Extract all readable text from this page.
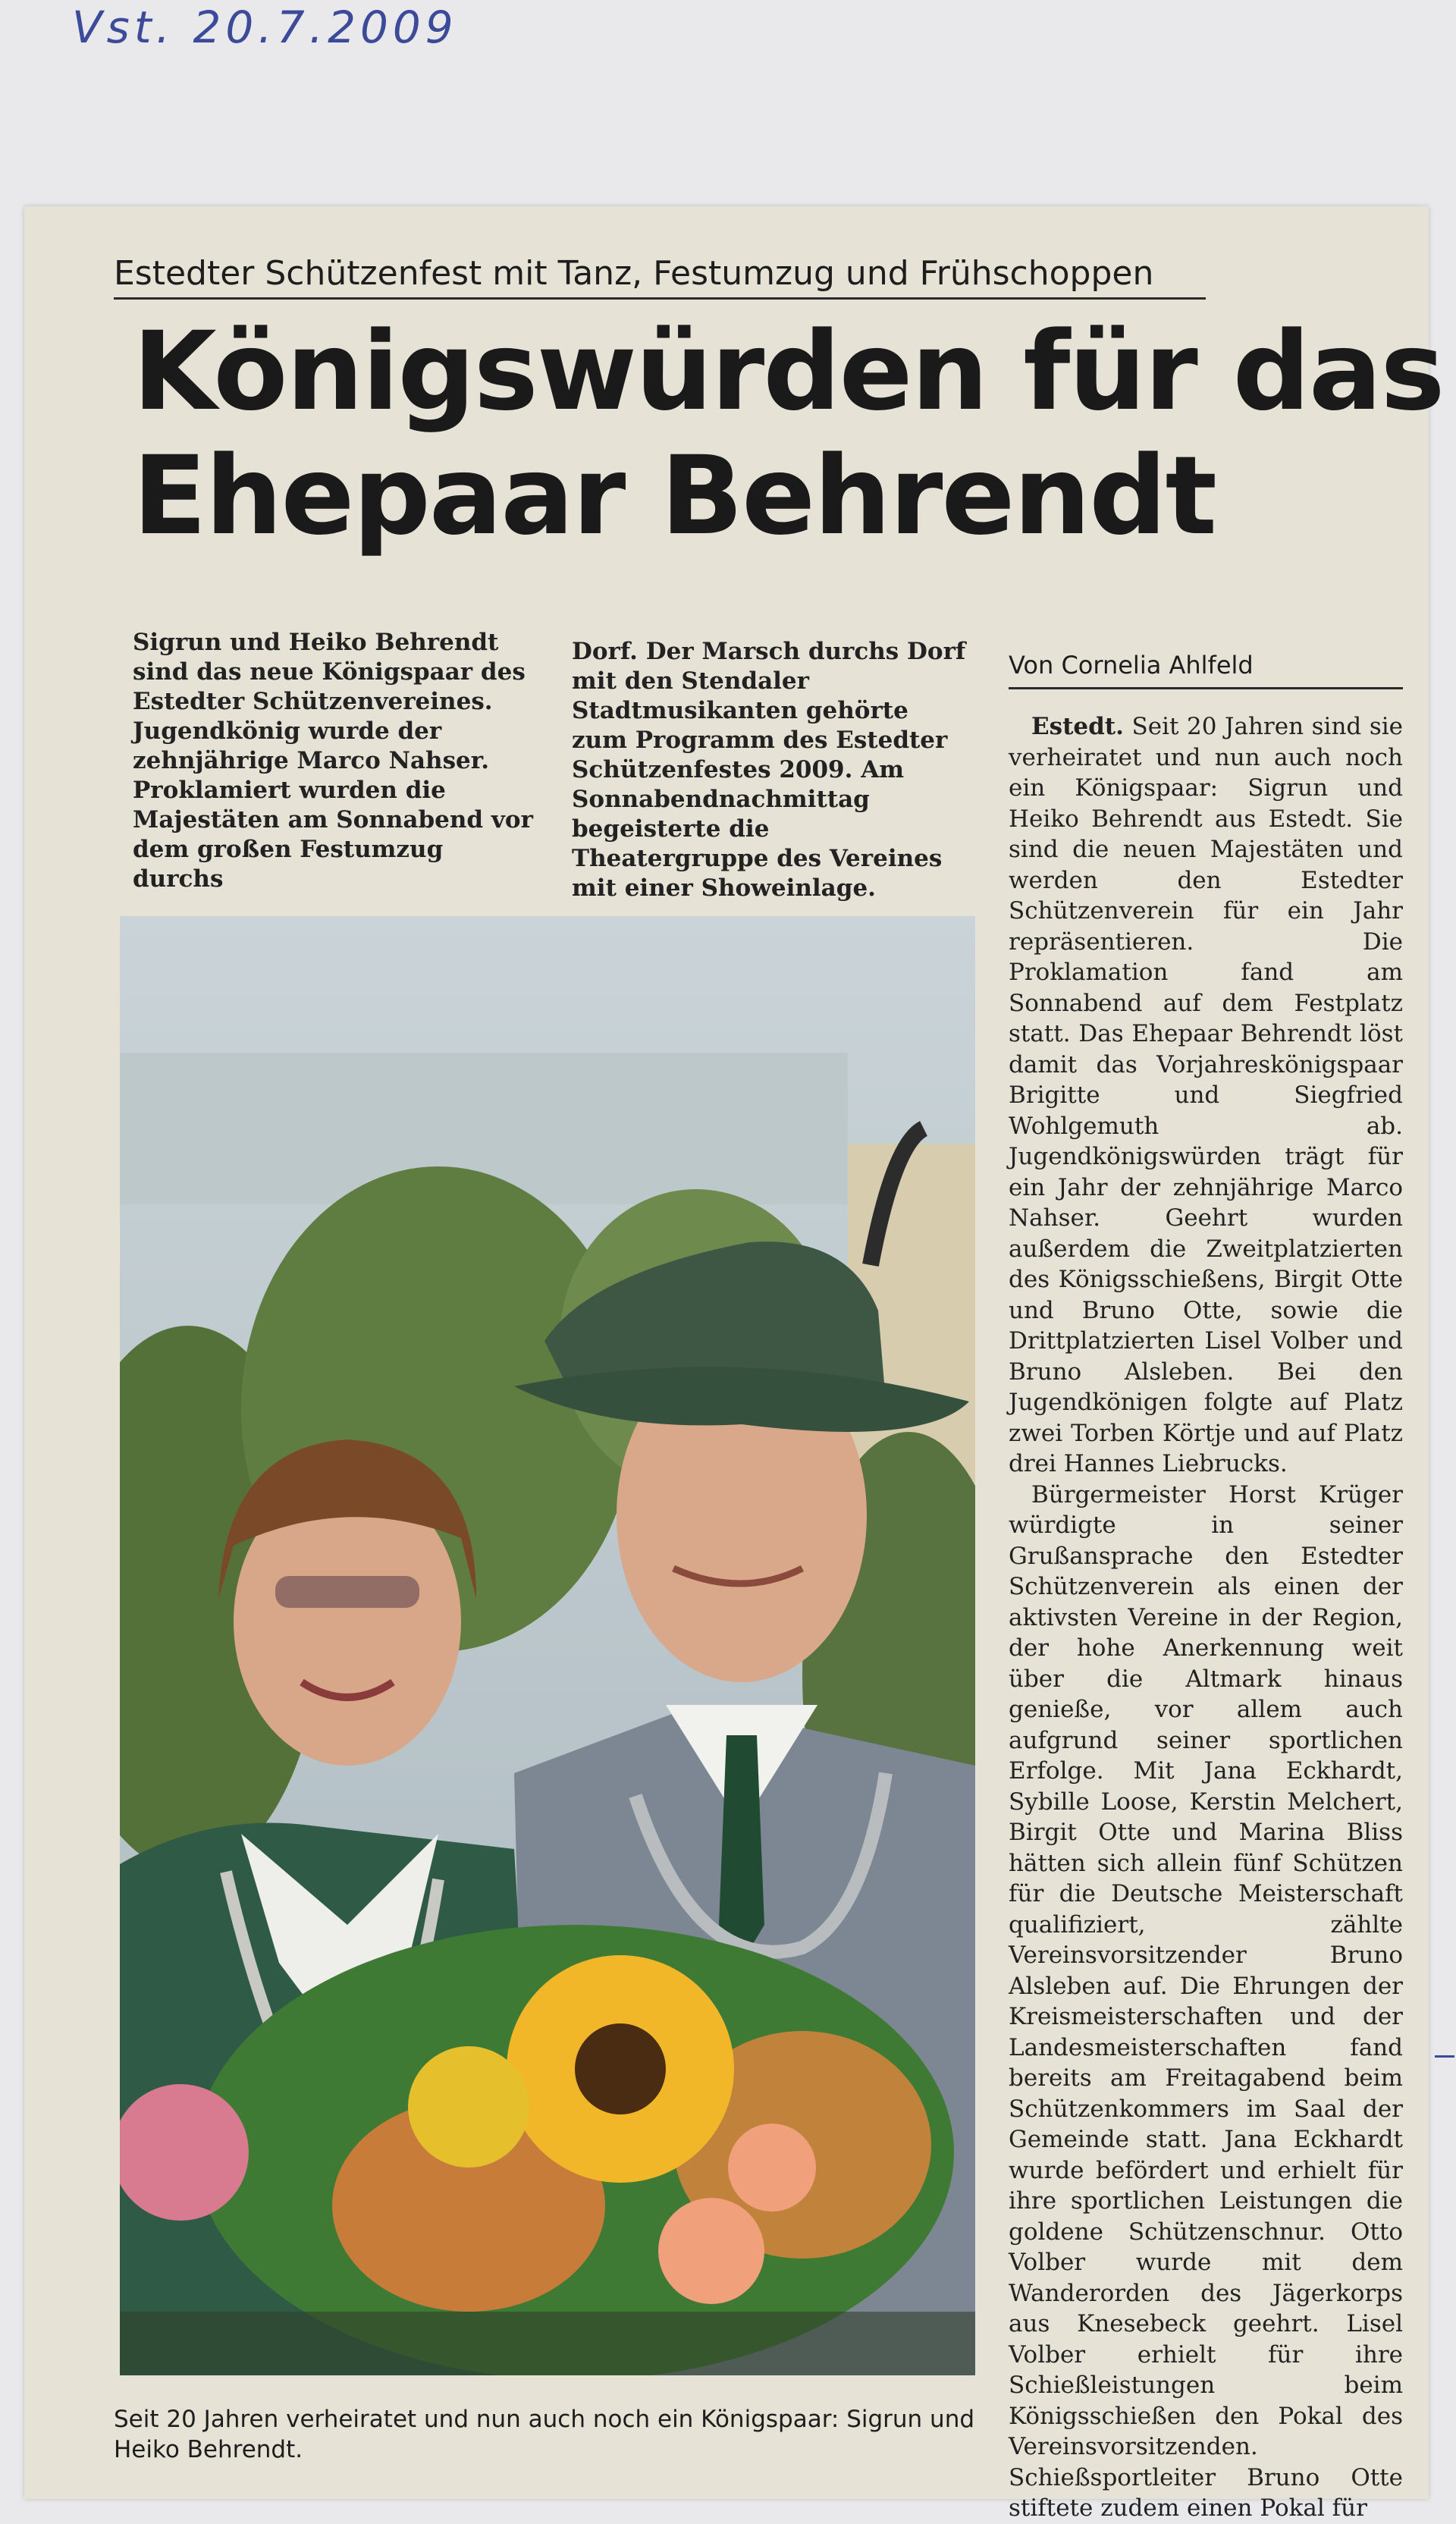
Vst. 20.7.2009
Estedter Schützenfest mit Tanz, Festumzug und Frühschoppen
Königswürden für das
Ehepaar Behrendt
Sigrun und Heiko Behrendt sind das neue Königspaar des Estedter Schützenvereines. Jugendkönig wurde der zehnjährige Marco Nahser. Proklamiert wurden die Majestäten am Sonnabend vor dem großen Festumzug durchs
Dorf. Der Marsch durchs Dorf mit den Stendaler Stadtmusikanten gehörte zum Programm des Estedter Schützenfestes 2009. Am Sonnabendnachmittag begeisterte die Theatergruppe des Vereines mit einer Showeinlage.
Von Cornelia Ahlfeld

Estedt. Seit 20 Jahren sind sie verheiratet und nun auch noch ein Königspaar: Sigrun und Heiko Behrendt aus Estedt. Sie sind die neuen Majestäten und werden den Estedter Schützenverein für ein Jahr repräsentieren. Die Proklamation fand am Sonnabend auf dem Festplatz statt. Das Ehepaar Behrendt löst damit das Vorjahreskönigspaar Brigitte und Siegfried Wohlgemuth ab. Jugendkönigswürden trägt für ein Jahr der zehnjährige Marco Nahser. Geehrt wurden außerdem die Zweitplatzierten des Königsschießens, Birgit Otte und Bruno Otte, sowie die Drittplatzierten Lisel Volber und Bruno Alsleben. Bei den Jugendkönigen folgte auf Platz zwei Torben Körtje und auf Platz drei Hannes Liebrucks.

Bürgermeister Horst Krüger würdigte in seiner Grußansprache den Estedter Schützenverein als einen der aktivsten Vereine in der Region, der hohe Anerkennung weit über die Altmark hinaus genieße, vor allem auch aufgrund seiner sportlichen Erfolge. Mit Jana Eckhardt, Sybille Loose, Kerstin Melchert, Birgit Otte und Marina Bliss hätten sich allein fünf Schützen für die Deutsche Meisterschaft qualifiziert, zählte Vereinsvorsitzender Bruno Alsleben auf. Die Ehrungen der Kreismeisterschaften und der Landesmeisterschaften fand bereits am Freitagabend beim Schützenkommers im Saal der Gemeinde statt. Jana Eckhardt wurde befördert und erhielt für ihre sportlichen Leistungen die goldene Schützenschnur. Otto Volber wurde mit dem Wanderorden des Jägerkorps aus Knesebeck geehrt. Lisel Volber erhielt für ihre Schießleistungen beim Königsschießen den Pokal des Vereinsvorsitzenden. Schießsportleiter Bruno Otte stiftete zudem einen Pokal für

Seit 20 Jahren verheiratet und nun auch noch ein Königspaar: Sigrun und Heiko Behrendt.
